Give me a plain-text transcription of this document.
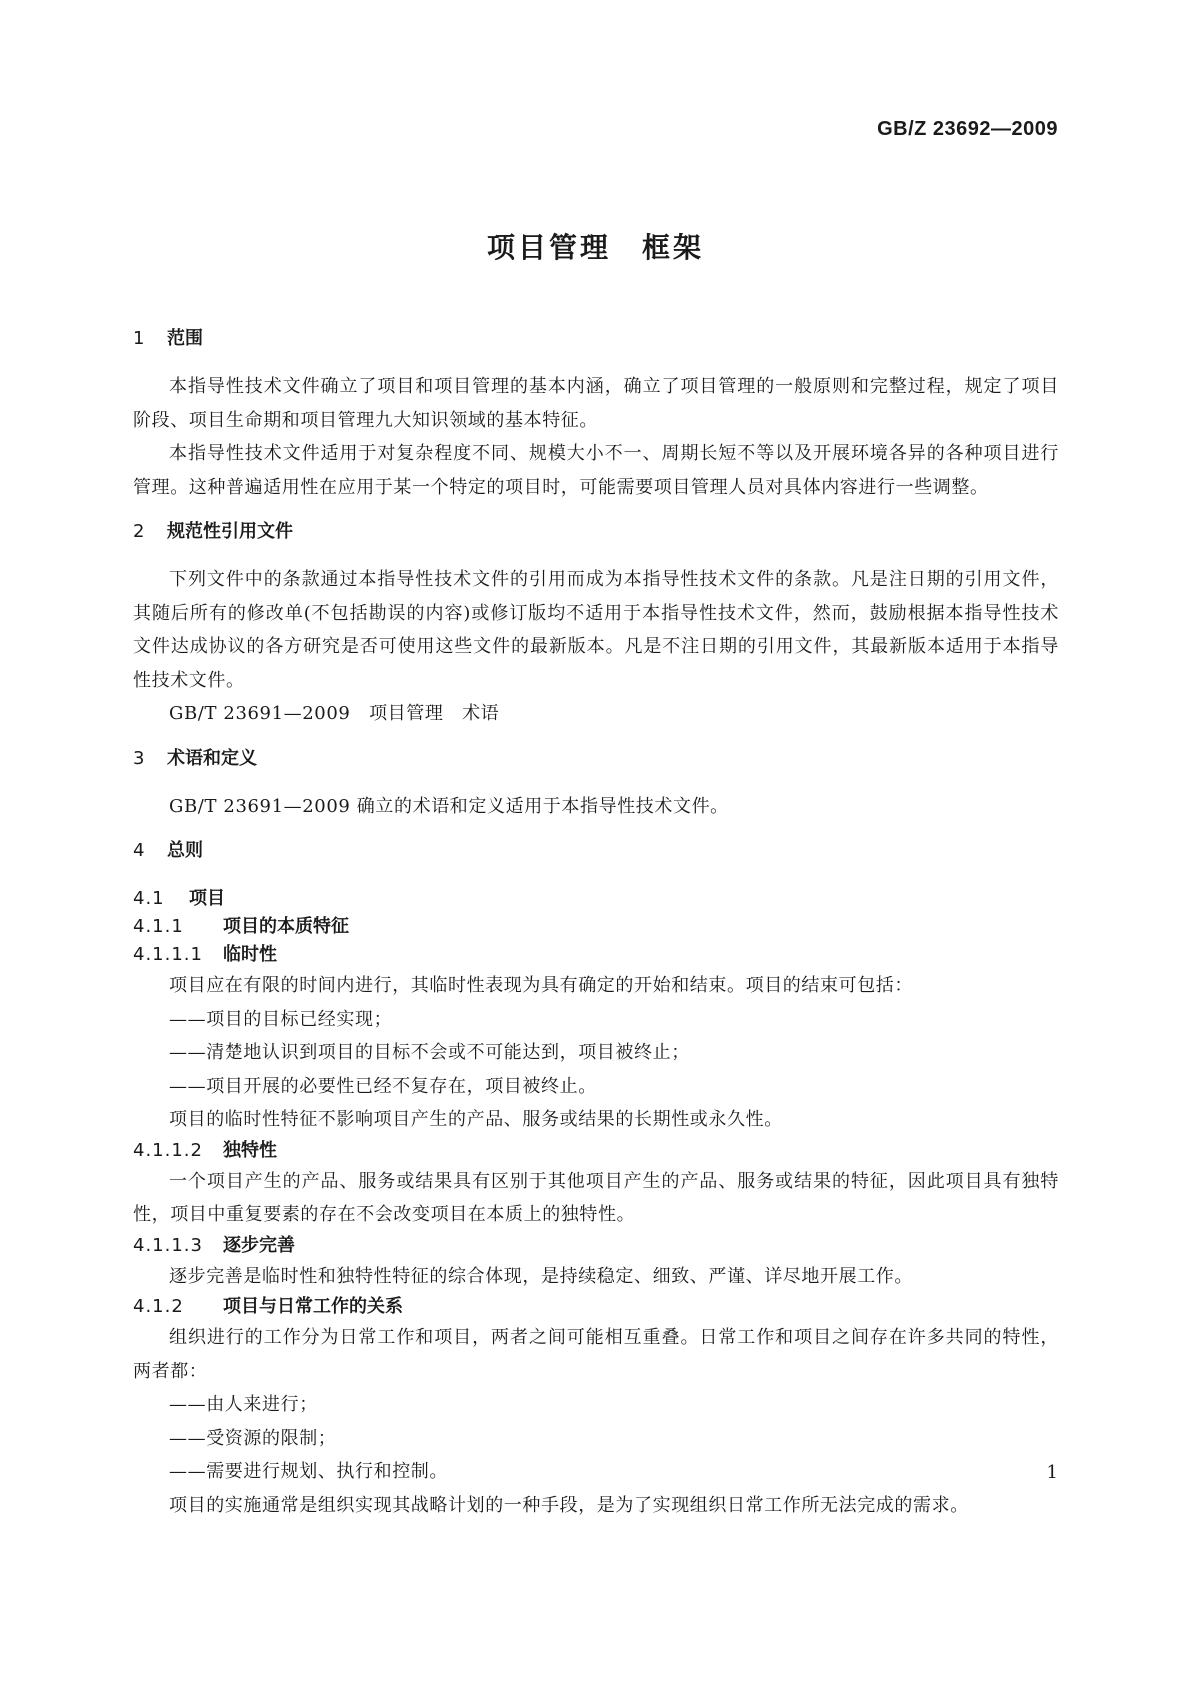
GB/Z 23692—2009
项目管理　框架
1 范围

本指导性技术文件确立了项目和项目管理的基本内涵，确立了项目管理的一般原则和完整过程，规定了项目阶段、项目生命期和项目管理九大知识领域的基本特征。

本指导性技术文件适用于对复杂程度不同、规模大小不一、周期长短不等以及开展环境各异的各种项目进行管理。这种普遍适用性在应用于某一个特定的项目时，可能需要项目管理人员对具体内容进行一些调整。

2 规范性引用文件

下列文件中的条款通过本指导性技术文件的引用而成为本指导性技术文件的条款。凡是注日期的引用文件，其随后所有的修改单(不包括勘误的内容)或修订版均不适用于本指导性技术文件，然而，鼓励根据本指导性技术文件达成协议的各方研究是否可使用这些文件的最新版本。凡是不注日期的引用文件，其最新版本适用于本指导性技术文件。

GB/T 23691—2009　项目管理　术语

3 术语和定义

GB/T 23691—2009 确立的术语和定义适用于本指导性技术文件。

4 总则
4.1 项目
4.1.1 项目的本质特征
4.1.1.1 临时性

项目应在有限的时间内进行，其临时性表现为具有确定的开始和结束。项目的结束可包括：

——项目的目标已经实现；

——清楚地认识到项目的目标不会或不可能达到，项目被终止；

——项目开展的必要性已经不复存在，项目被终止。

项目的临时性特征不影响项目产生的产品、服务或结果的长期性或永久性。

4.1.1.2 独特性

一个项目产生的产品、服务或结果具有区别于其他项目产生的产品、服务或结果的特征，因此项目具有独特性，项目中重复要素的存在不会改变项目在本质上的独特性。

4.1.1.3 逐步完善

逐步完善是临时性和独特性特征的综合体现，是持续稳定、细致、严谨、详尽地开展工作。

4.1.2 项目与日常工作的关系

组织进行的工作分为日常工作和项目，两者之间可能相互重叠。日常工作和项目之间存在许多共同的特性，两者都：

——由人来进行；

——受资源的限制；

——需要进行规划、执行和控制。

项目的实施通常是组织实现其战略计划的一种手段，是为了实现组织日常工作所无法完成的需求。

1
